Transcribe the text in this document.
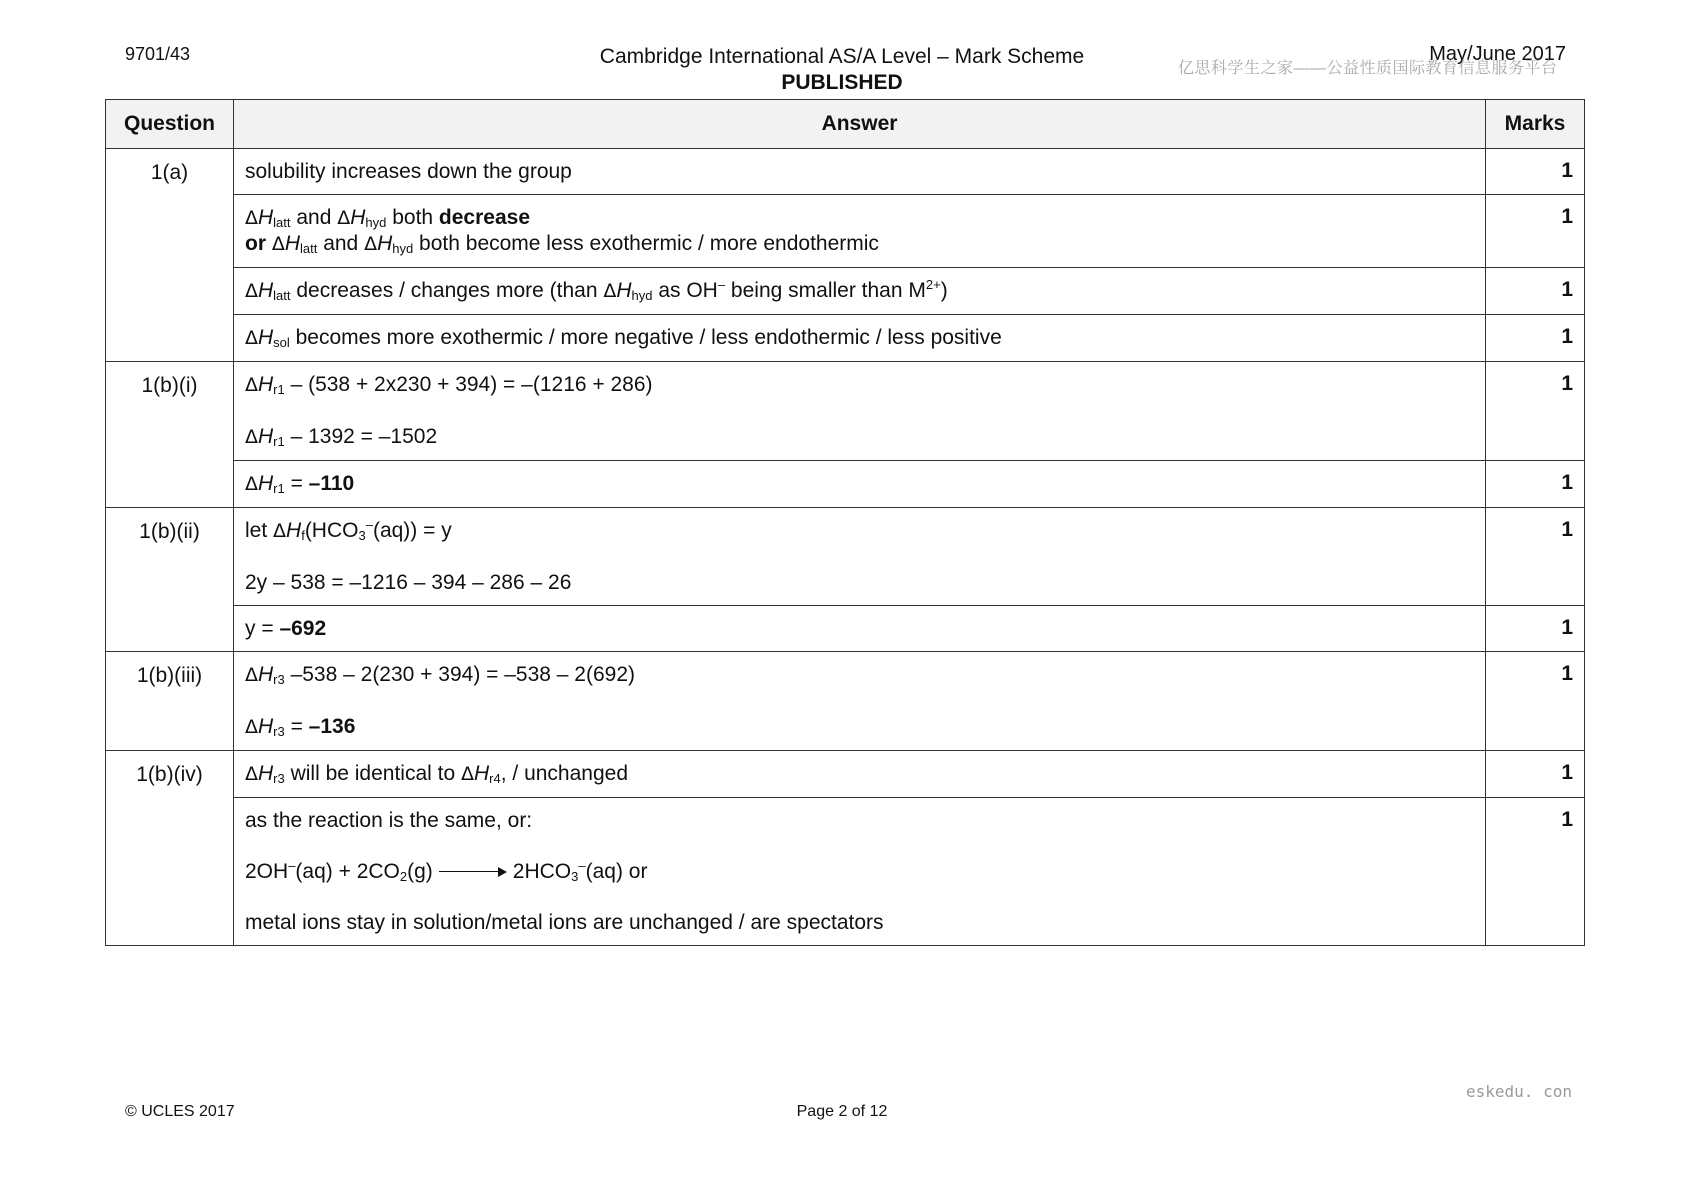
9701/43	Cambridge International AS/A Level – Mark Scheme
PUBLISHED
May/June 2017
亿思科学生之家——公益性质国际教育信息服务平台
Question	Answer	Marks
1(a)	solubility increases down the group	1

	$\Delta H_{latt}$ and $\Delta H_{hyd}$ both decrease
or $\Delta H_{latt}$ and $\Delta H_{hyd}$ both become less exothermic / more endothermic	1
	$\Delta H_{latt}$ decreases / changes more (than $\Delta H_{hyd}$ as OH– being smaller than $M^{2+}$)	1
	$\Delta H_{sol}$ becomes more exothermic / more negative / less endothermic / less positive	1
1(b)(i)	$\Delta H_{r1} - (538 + 2x230 + 394) = -(1216 + 286)$

$\Delta H_{r1} - 1392 = -1502$	1
	$\Delta H_{r1} = -110$	1
1(b)(ii)	let $\Delta H_f(HCO_3^-(aq)) = y$

2y – 538 = –1216 – 394 – 286 – 26	1
	y = –692	1
1(b)(iii)	$\Delta H_{r3}$ –538 – 2(230 + 394) = –538 – 2(692)

$\Delta H_{r3} = -136$	1
1(b)(iv)	$\Delta H_{r3}$ will be identical to $\Delta H_{r4}$, / unchanged	1

	as the reaction is the same, or:

$2OH^-(aq) + 2CO_2(g)$ $2HCO_3^-(aq)$ or

metal ions stay in solution/metal ions are unchanged / are spectators	1
eskedu. con
© UCLES 2017	Page 2 of 12
